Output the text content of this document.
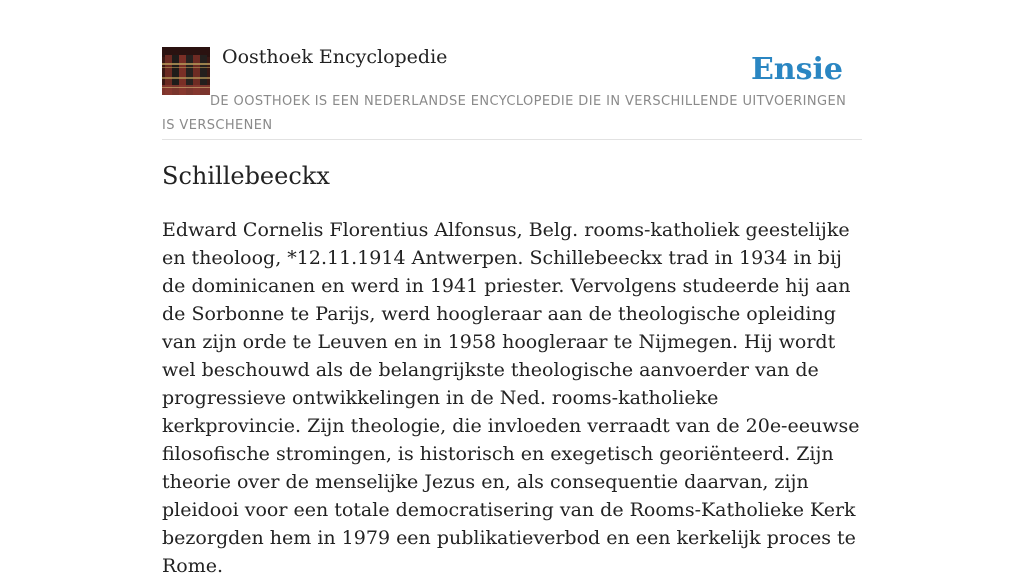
Oosthoek Encyclopedie	Ensie
DE OOSTHOEK IS EEN NEDERLANDSE ENCYCLOPEDIE DIE IN VERSCHILLENDE UITVOERINGEN IS VERSCHENEN
Schillebeeckx

Edward Cornelis Florentius Alfonsus, Belg. rooms-katholiek geestelijke en theoloog, *12.11.1914 Antwerpen. Schillebeeckx trad in 1934 in bij de dominicanen en werd in 1941 priester. Vervolgens studeerde hij aan de Sorbonne te Parijs, werd hoogleraar aan de theologische opleiding van zijn orde te Leuven en in 1958 hoogleraar te Nijmegen. Hij wordt wel beschouwd als de belangrijkste theologische aanvoerder van de progressieve ontwikkelingen in de Ned. rooms-katholieke kerkprovincie. Zijn theologie, die invloeden verraadt van de 20e-eeuwse filosofische stromingen, is historisch en exegetisch georiënteerd. Zijn theorie over de menselijke Jezus en, als consequentie daarvan, zijn pleidooi voor een totale democratisering van de Rooms-Katholieke Kerk bezorgden hem in 1979 een publikatieverbod en een kerkelijk proces te Rome.
